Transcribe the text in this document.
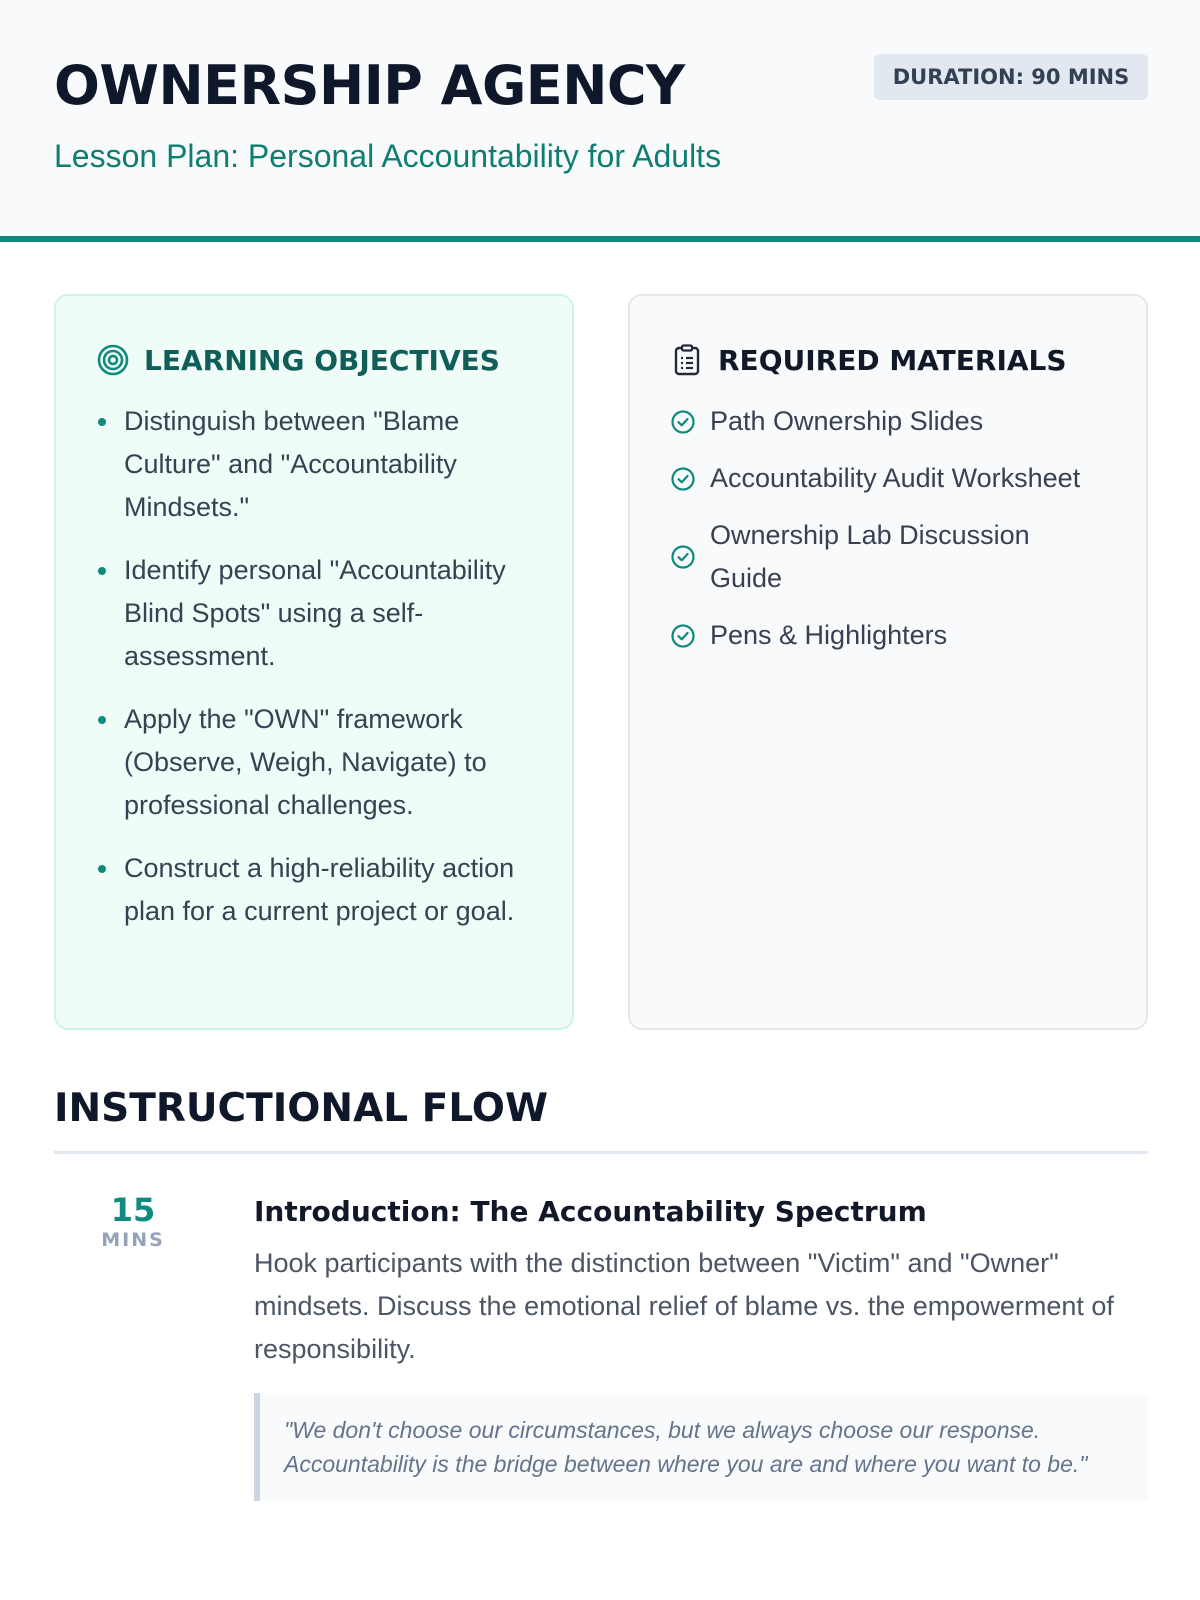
OWNERSHIP AGENCY
Lesson Plan: Personal Accountability for Adults
DURATION: 90 MINS
LEARNING OBJECTIVES
Distinguish between "Blame Culture" and "Accountability Mindsets."
Identify personal "Accountability Blind Spots" using a self-assessment.
Apply the "OWN" framework (Observe, Weigh, Navigate) to professional challenges.
Construct a high-reliability action plan for a current project or goal.
REQUIRED MATERIALS
Path Ownership Slides
Accountability Audit Worksheet
Ownership Lab Discussion Guide
Pens & Highlighters
INSTRUCTIONAL FLOW
15
MINS
Introduction: The Accountability Spectrum
Hook participants with the distinction between "Victim" and "Owner" mindsets. Discuss the emotional relief of blame vs. the empowerment of responsibility.
"We don't choose our circumstances, but we always choose our response. Accountability is the bridge between where you are and where you want to be."
